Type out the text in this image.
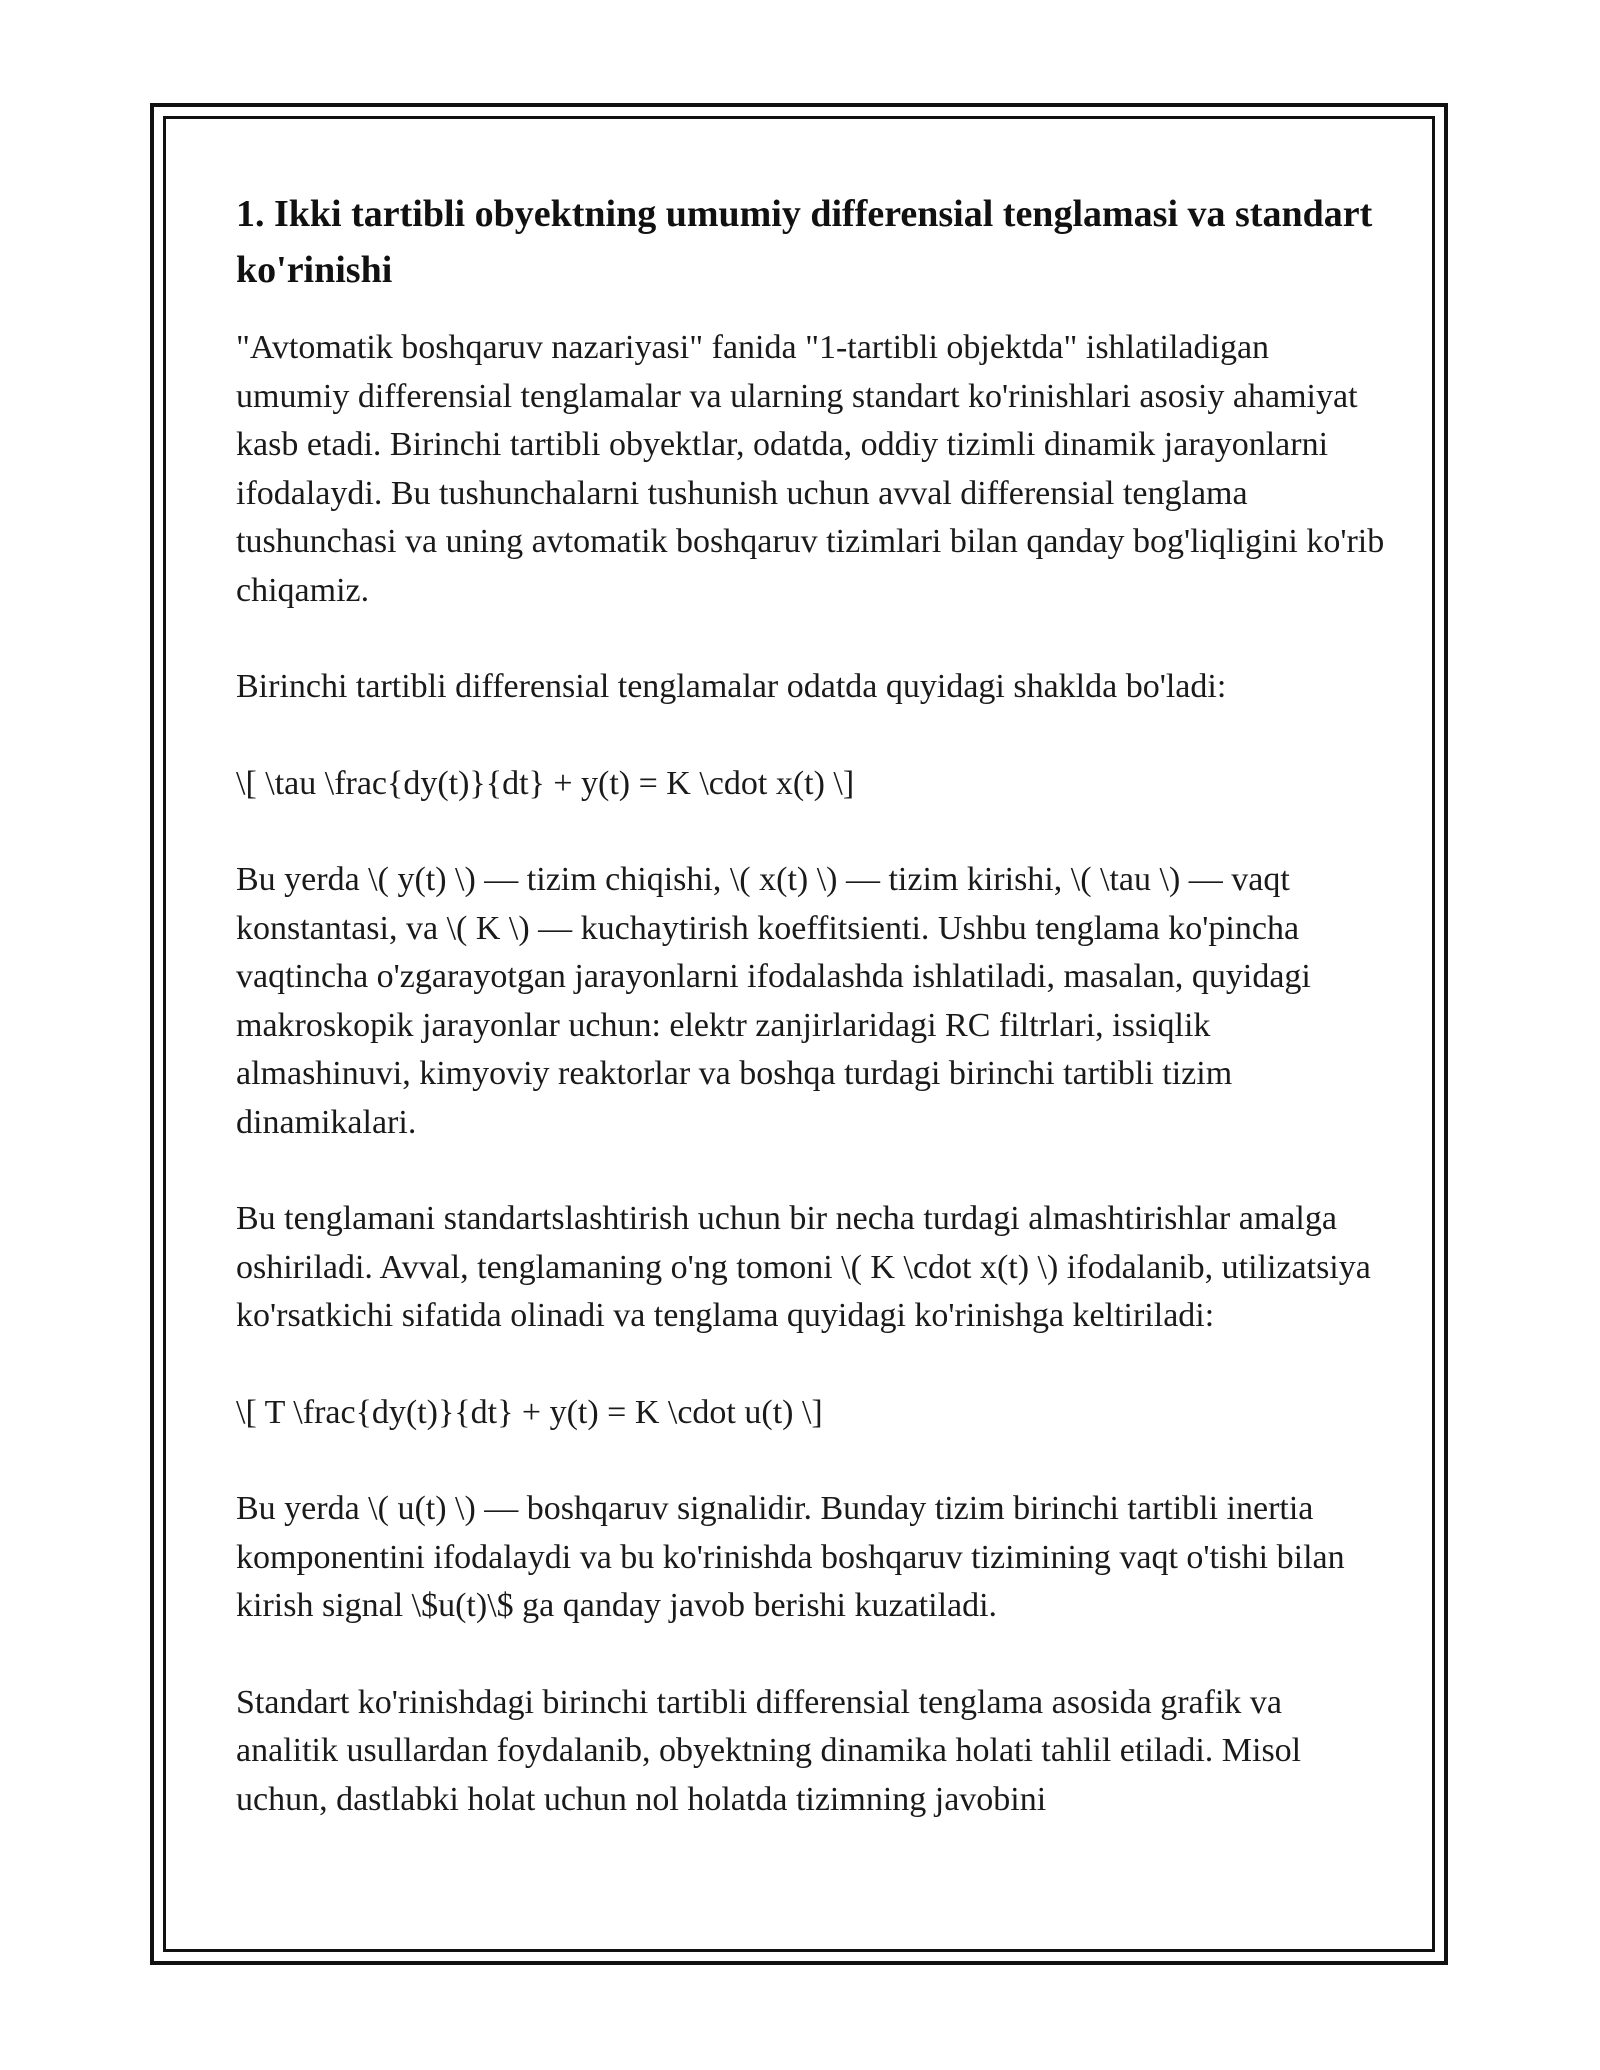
1. Ikki tartibli obyektning umumiy differensial tenglamasi va standart ko'rinishi

"Avtomatik boshqaruv nazariyasi" fanida "1-tartibli objektda" ishlatiladigan umumiy differensial tenglamalar va ularning standart ko'rinishlari asosiy ahamiyat kasb etadi. Birinchi tartibli obyektlar, odatda, oddiy tizimli dinamik jarayonlarni ifodalaydi. Bu tushunchalarni tushunish uchun avval differensial tenglama tushunchasi va uning avtomatik boshqaruv tizimlari bilan qanday bog'liqligini ko'rib chiqamiz.

Birinchi tartibli differensial tenglamalar odatda quyidagi shaklda bo'ladi:

\[ \tau \frac{dy(t)}{dt} + y(t) = K \cdot x(t) \]

Bu yerda \( y(t) \) — tizim chiqishi, \( x(t) \) — tizim kirishi, \( \tau \) — vaqt konstantasi, va \( K \) — kuchaytirish koeffitsienti. Ushbu tenglama ko'pincha vaqtincha o'zgarayotgan jarayonlarni ifodalashda ishlatiladi, masalan, quyidagi makroskopik jarayonlar uchun: elektr zanjirlaridagi RC filtrlari, issiqlik almashinuvi, kimyoviy reaktorlar va boshqa turdagi birinchi tartibli tizim dinamikalari.

Bu tenglamani standartslashtirish uchun bir necha turdagi almashtirishlar amalga oshiriladi. Avval, tenglamaning o'ng tomoni \( K \cdot x(t) \) ifodalanib, utilizatsiya ko'rsatkichi sifatida olinadi va tenglama quyidagi ko'rinishga keltiriladi:

\[ T \frac{dy(t)}{dt} + y(t) = K \cdot u(t) \]

Bu yerda \( u(t) \) — boshqaruv signalidir. Bunday tizim birinchi tartibli inertia komponentini ifodalaydi va bu ko'rinishda boshqaruv tizimining vaqt o'tishi bilan kirish signal \$u(t)\$ ga qanday javob berishi kuzatiladi.

Standart ko'rinishdagi birinchi tartibli differensial tenglama asosida grafik va analitik usullardan foydalanib, obyektning dinamika holati tahlil etiladi. Misol uchun, dastlabki holat uchun nol holatda tizimning javobini
